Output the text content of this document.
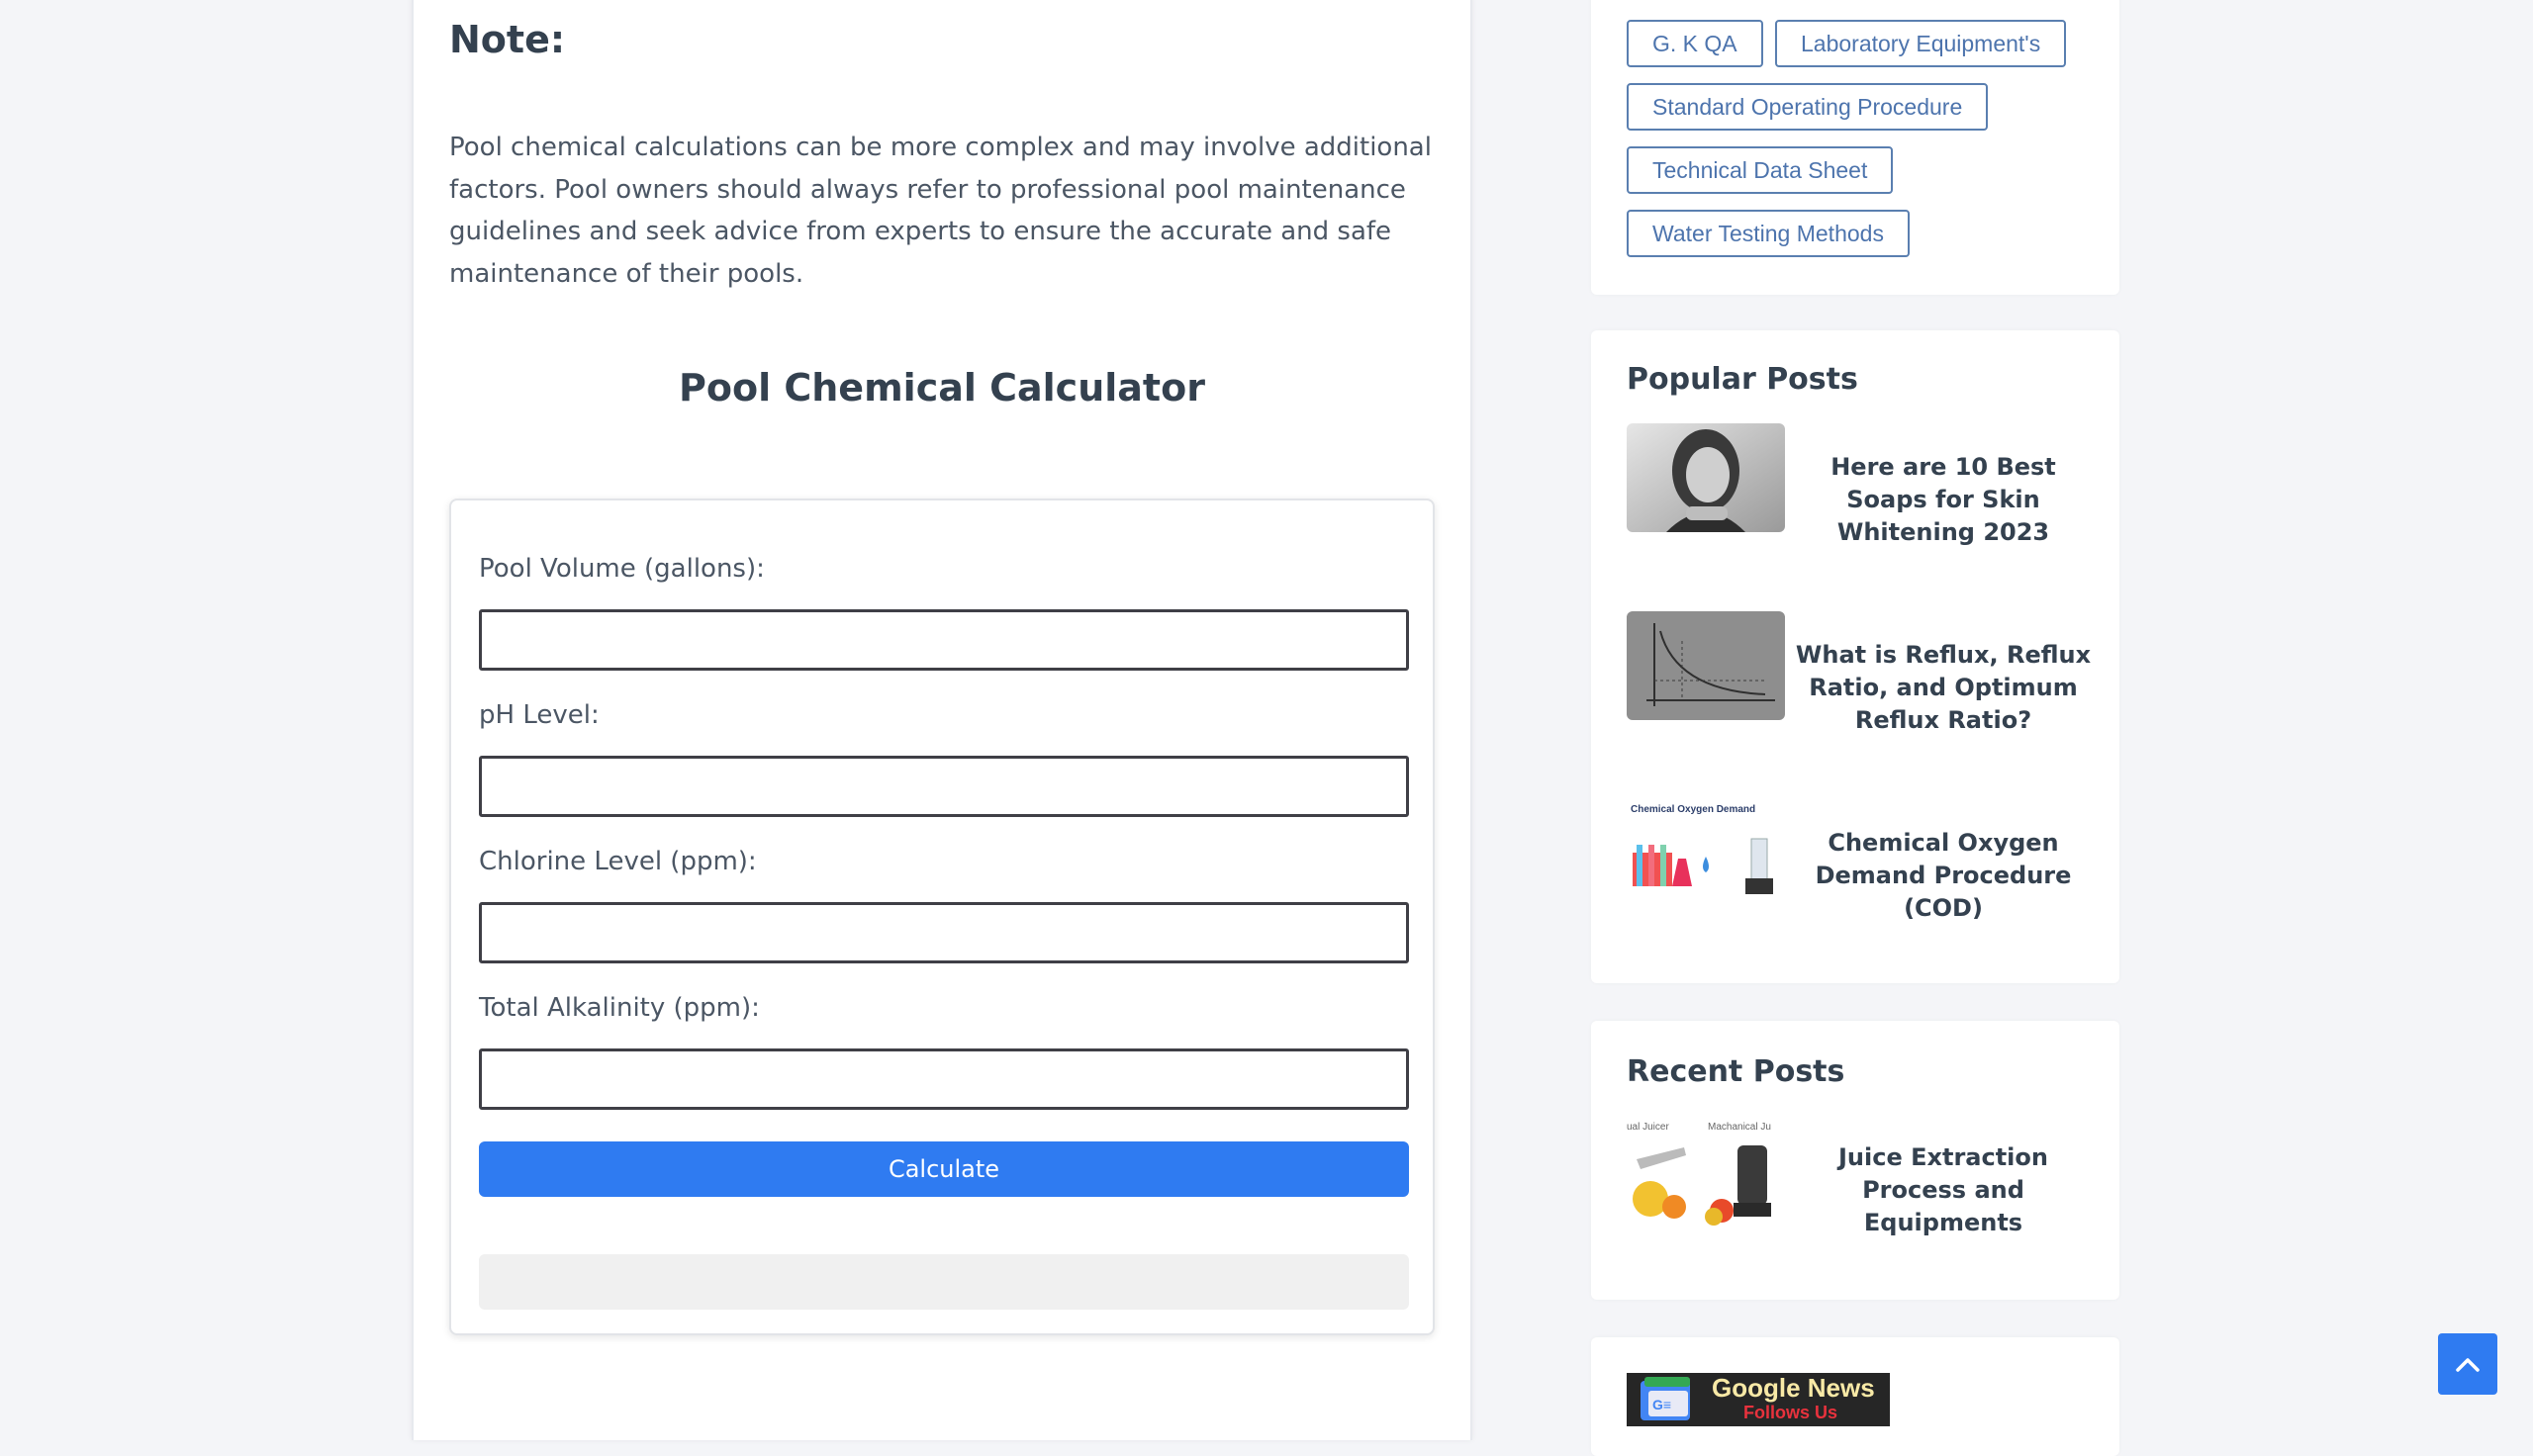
Note:

Pool chemical calculations can be more complex and may involve additional factors. Pool owners should always refer to professional pool maintenance guidelines and seek advice from experts to ensure the accurate and safe maintenance of their pools.

Pool Chemical Calculator
Pool Volume (gallons):
pH Level:
Chlorine Level (ppm):
Total Alkalinity (ppm):
Calculate
G. K QA	Laboratory Equipment's
Standard Operating Procedure
Technical Data Sheet
Water Testing Methods
Popular Posts

Here are 10 Best Soaps for Skin Whitening 2023

What is Reflux, Reflux Ratio, and Optimum Reflux Ratio?

Chemical Oxygen Demand

Chemical Oxygen Demand Procedure (COD)

Recent Posts
ual Juicer	Machanical Ju

Juice Extraction Process and Equipments

G≡
Google News
Follows Us
